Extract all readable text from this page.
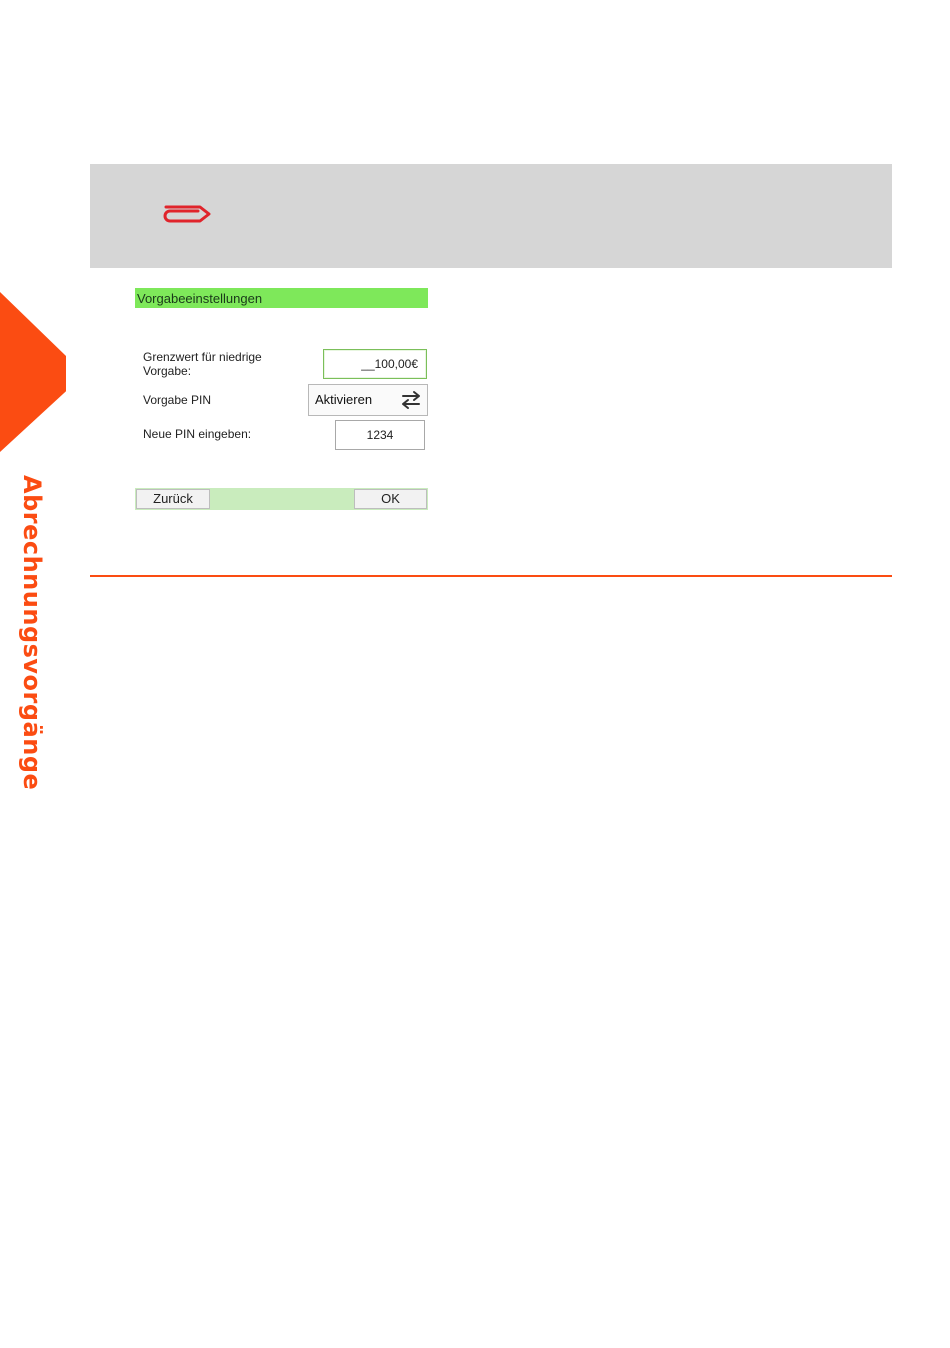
Abrechnungsvorgänge
Vorgabeeinstellungen
Grenzwert für niedrige Vorgabe:	__100,00€
Vorgabe PIN	Aktivieren
Neue PIN eingeben:	1234
Zurück	OK
